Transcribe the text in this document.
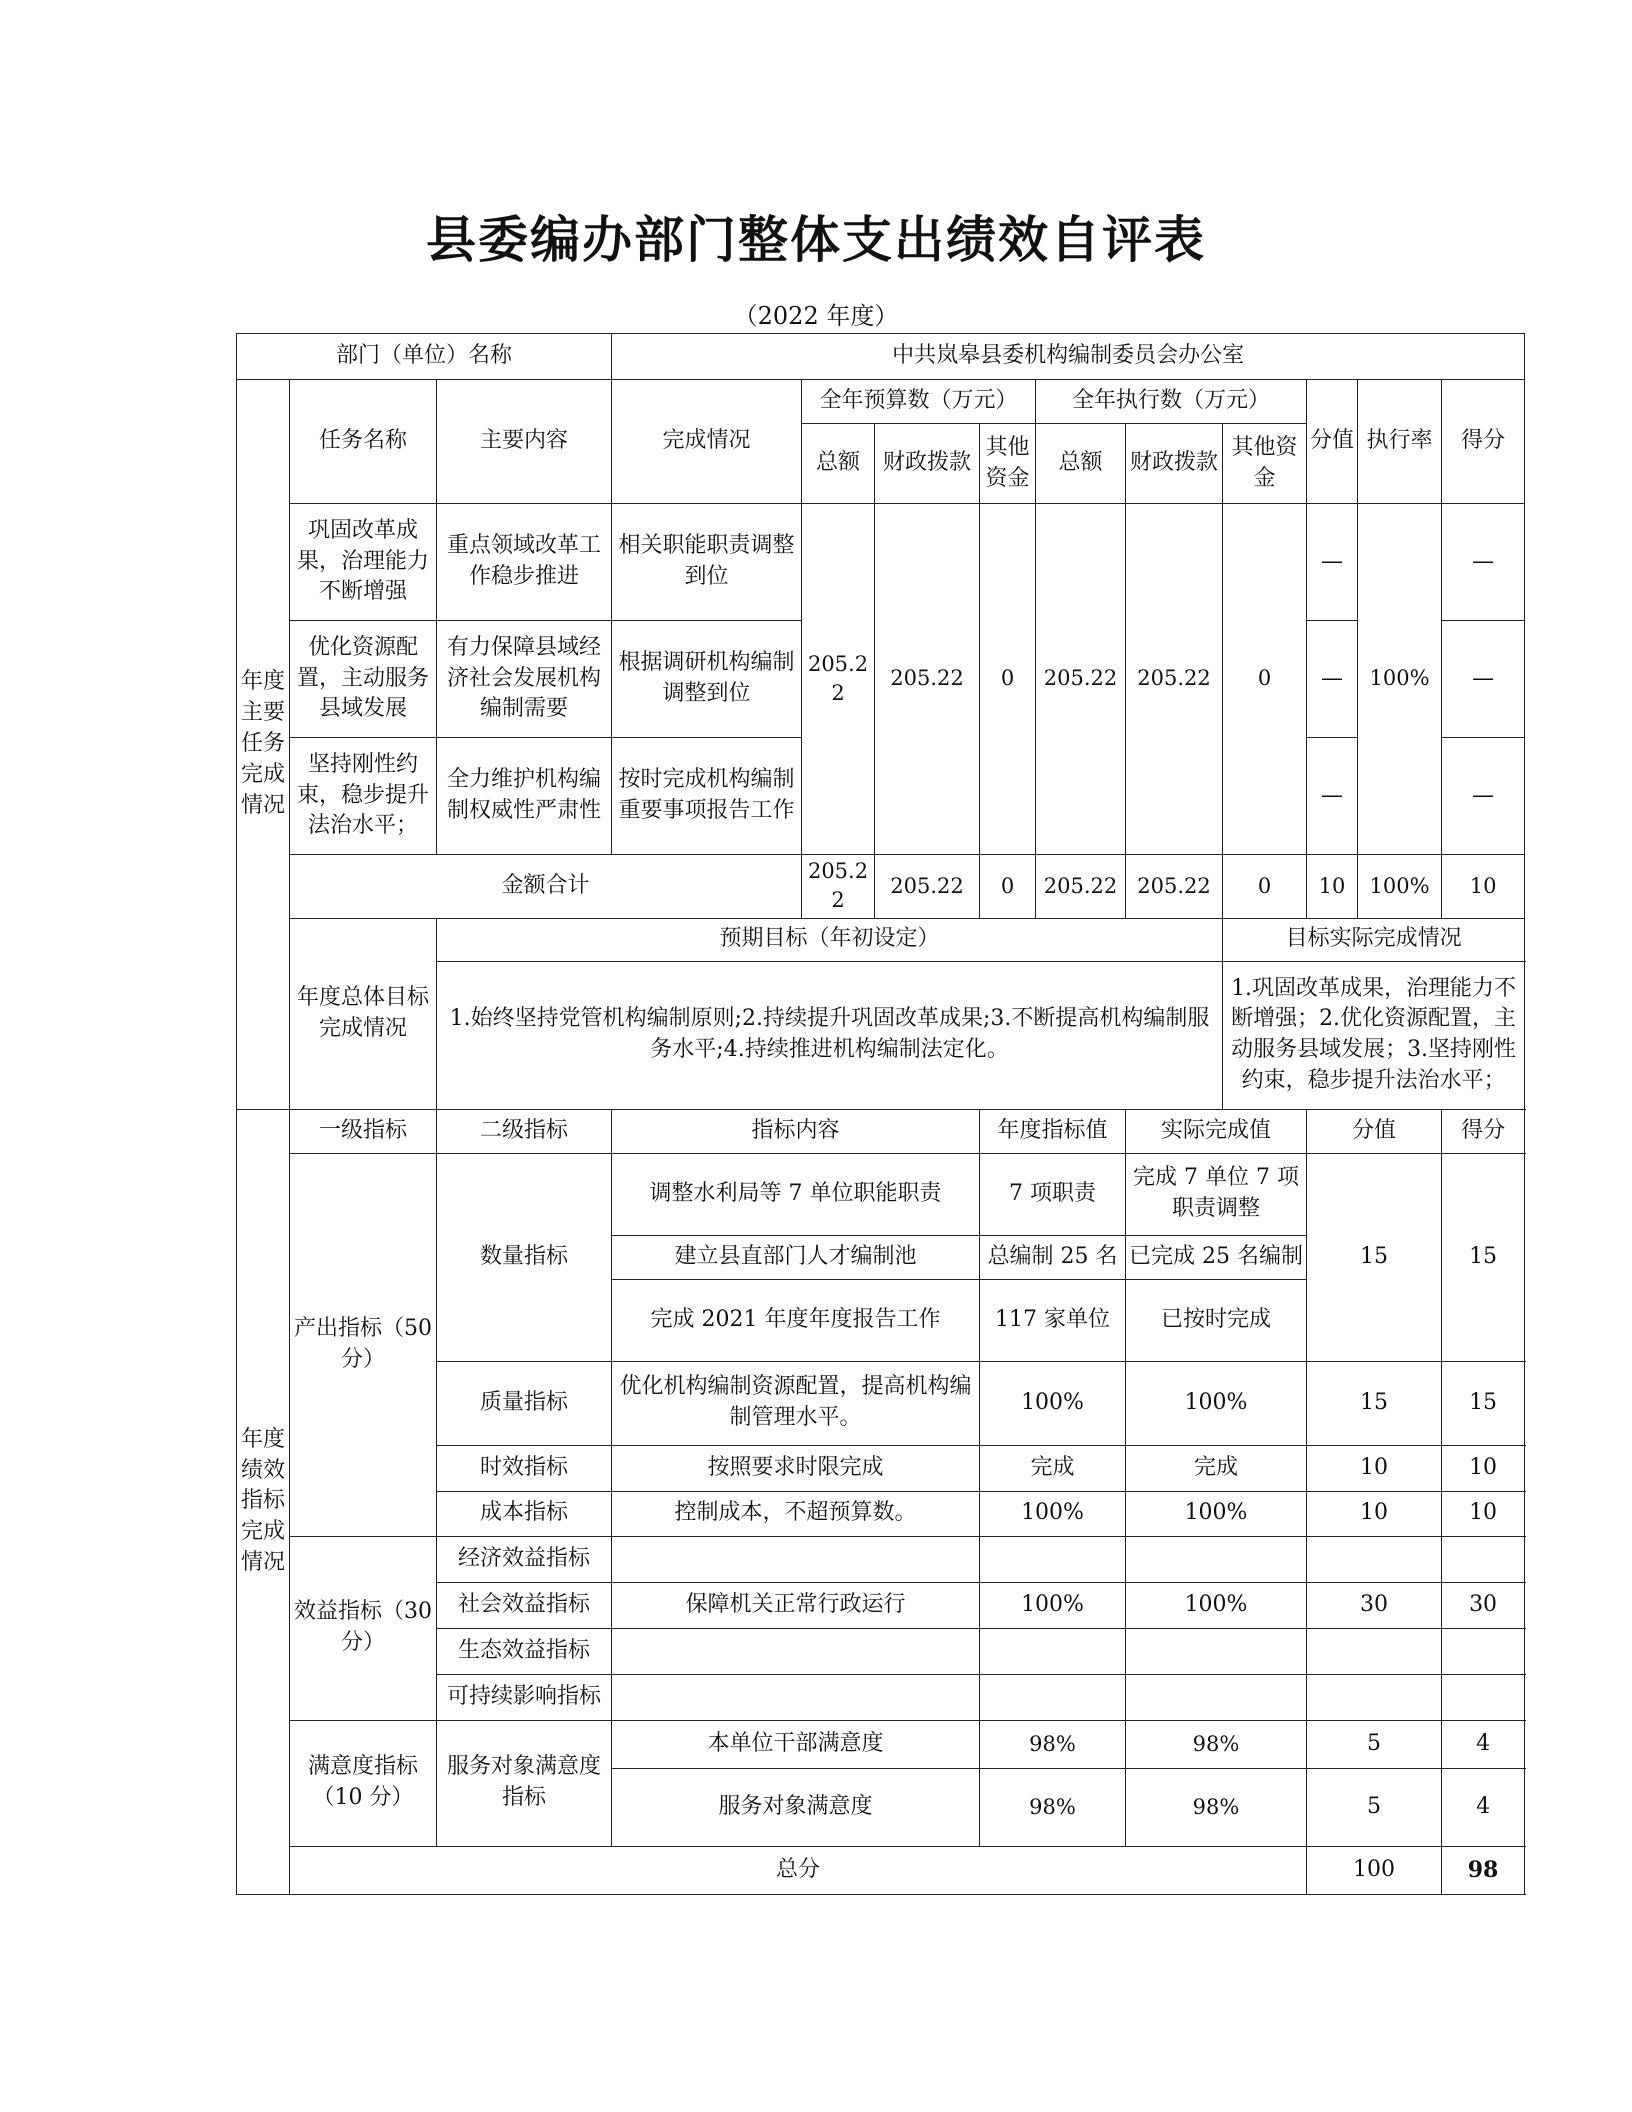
县委编办部门整体支出绩效自评表
（2022 年度）
部门（单位）名称			中共岚皋县委机构编制委员会办公室									
年度主要任务完成情况	任务名称	主要内容	完成情况	全年预算数（万元）			全年执行数（万元）			分值	执行率	得分
				总额	财政拨款	其他资金	总额	财政拨款	其他资金			
	巩固改革成果，治理能力不断增强	重点领域改革工作稳步推进	相关职能职责调整到位	205.22	205.22	0	205.22	205.22	0	—	100%	—
	优化资源配置，主动服务县域发展	有力保障县域经济社会发展机构编制需要	根据调研机构编制调整到位							—		—
	坚持刚性约束，稳步提升法治水平；	全力维护机构编制权威性严肃性	按时完成机构编制重要事项报告工作							—		—
	金额合计			205.22	205.22	0	205.22	205.22	0	10	100%	10
	年度总体目标完成情况	预期目标（年初设定）							目标实际完成情况			
		1.始终坚持党管机构编制原则;2.持续提升巩固改革成果;3.不断提高机构编制服务水平;4.持续推进机构编制法定化。							1.巩固改革成果，治理能力不断增强；2.优化资源配置，主动服务县域发展；3.坚持刚性约束，稳步提升法治水平；			
年度绩效指标完成情况	一级指标	二级指标	指标内容			年度指标值		实际完成值		分值		得分
	产出指标（50 分）	数量指标	调整水利局等 7 单位职能职责			7 项职责		完成 7 单位 7 项职责调整		15		15
			建立县直部门人才编制池			总编制 25 名		已完成 25 名编制				
			完成 2021 年度年度报告工作			117 家单位		已按时完成				
		质量指标	优化机构编制资源配置，提高机构编制管理水平。			100%		100%		15		15
		时效指标	按照要求时限完成			完成		完成		10		10
		成本指标	控制成本，不超预算数。			100%		100%		10		10
	效益指标（30 分）	经济效益指标										
		社会效益指标	保障机关正常行政运行			100%		100%		30		30
		生态效益指标										
		可持续影响指标										
	满意度指标（10 分）	服务对象满意度指标	本单位干部满意度			98%		98%		5		4
			服务对象满意度			98%		98%		5		4
	总分									100		98
